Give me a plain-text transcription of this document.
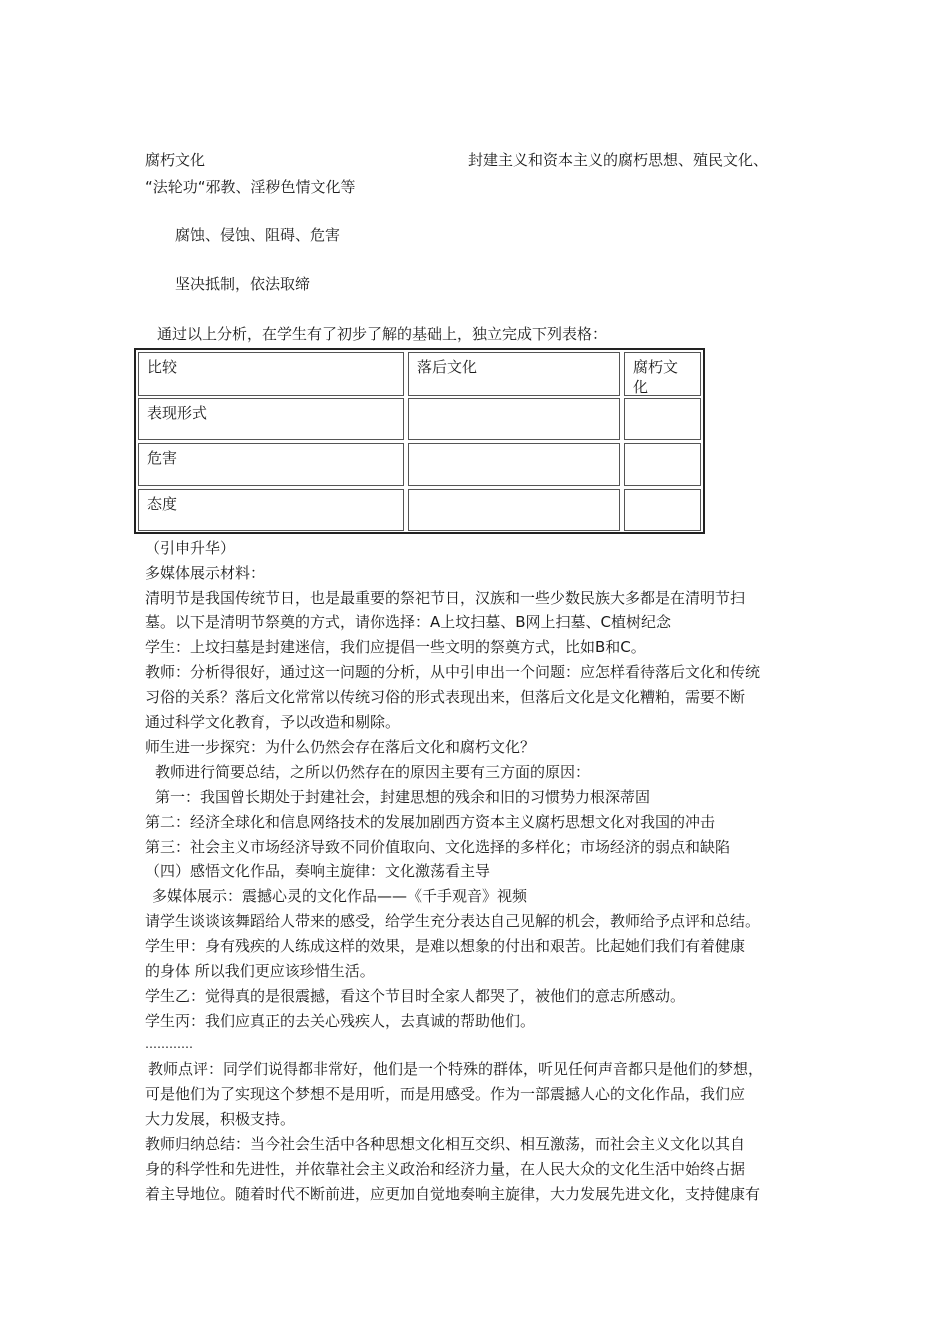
腐朽文化	封建主义和资本主义的腐朽思想、殖民文化、
“法轮功“邪教、淫秽色情文化等
腐蚀、侵蚀、阻碍、危害
坚决抵制，依法取缔
通过以上分析，在学生有了初步了解的基础上，独立完成下列表格：
比较	落后文化	腐朽文化
表现形式
危害
态度
（引申升华）
多媒体展示材料：
清明节是我国传统节日，也是最重要的祭祀节日，汉族和一些少数民族大多都是在清明节扫
墓。以下是清明节祭奠的方式，请你选择：A上坟扫墓、B网上扫墓、C植树纪念
学生：上坟扫墓是封建迷信，我们应提倡一些文明的祭奠方式，比如B和C。
教师：分析得很好，通过这一问题的分析，从中引申出一个问题：应怎样看待落后文化和传统
习俗的关系？落后文化常常以传统习俗的形式表现出来，但落后文化是文化糟粕，需要不断
通过科学文化教育，予以改造和剔除。
师生进一步探究：为什么仍然会存在落后文化和腐朽文化？
教师进行简要总结，之所以仍然存在的原因主要有三方面的原因：
第一：我国曾长期处于封建社会，封建思想的残余和旧的习惯势力根深蒂固
第二：经济全球化和信息网络技术的发展加剧西方资本主义腐朽思想文化对我国的冲击
第三：社会主义市场经济导致不同价值取向、文化选择的多样化；市场经济的弱点和缺陷
（四）感悟文化作品，奏响主旋律：文化激荡看主导
多媒体展示：震撼心灵的文化作品——《千手观音》视频
请学生谈谈该舞蹈给人带来的感受，给学生充分表达自己见解的机会，教师给予点评和总结。
学生甲：身有残疾的人练成这样的效果，是难以想象的付出和艰苦。比起她们我们有着健康
的身体 所以我们更应该珍惜生活。
学生乙：觉得真的是很震撼，看这个节目时全家人都哭了，被他们的意志所感动。
学生丙：我们应真正的去关心残疾人，去真诚的帮助他们。
…………
教师点评：同学们说得都非常好，他们是一个特殊的群体，听见任何声音都只是他们的梦想，
可是他们为了实现这个梦想不是用听，而是用感受。作为一部震撼人心的文化作品，我们应
大力发展，积极支持。
教师归纳总结：当今社会生活中各种思想文化相互交织、相互激荡，而社会主义文化以其自
身的科学性和先进性，并依靠社会主义政治和经济力量，在人民大众的文化生活中始终占据
着主导地位。随着时代不断前进，应更加自觉地奏响主旋律，大力发展先进文化，支持健康有
